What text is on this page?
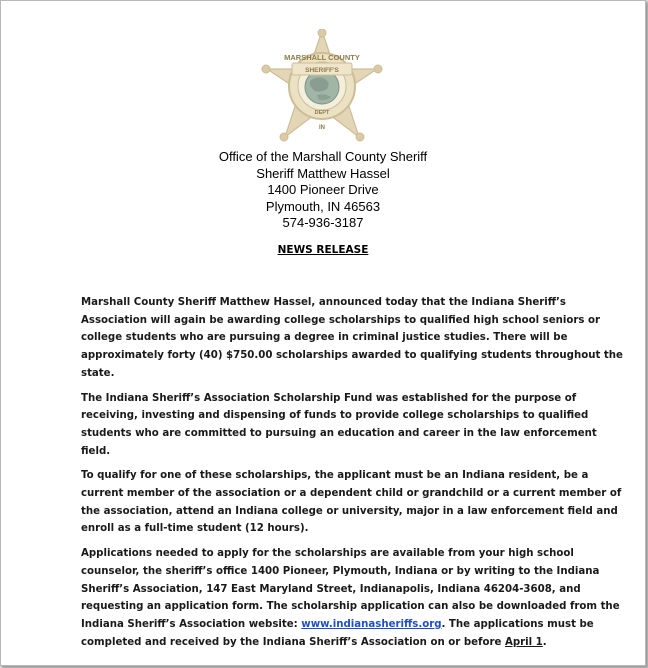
MARSHALL COUNTY
SHERIFF'S
DEPT
IN
Office of the Marshall County Sheriff
Sheriff Matthew Hassel
1400 Pioneer Drive
Plymouth, IN 46563
574-936-3187
NEWS RELEASE

Marshall County Sheriff Matthew Hassel, announced today that the Indiana Sheriff’s
Association will again be awarding college scholarships to qualified high school seniors or
college students who are pursuing a degree in criminal justice studies. There will be
approximately forty (40) $750.00 scholarships awarded to qualifying students throughout the
state.

The Indiana Sheriff’s Association Scholarship Fund was established for the purpose of
receiving, investing and dispensing of funds to provide college scholarships to qualified
students who are committed to pursuing an education and career in the law enforcement
field.

To qualify for one of these scholarships, the applicant must be an Indiana resident, be a
current member of the association or a dependent child or grandchild or a current member of
the association, attend an Indiana college or university, major in a law enforcement field and
enroll as a full-time student (12 hours).

Applications needed to apply for the scholarships are available from your high school
counselor, the sheriff’s office 1400 Pioneer, Plymouth, Indiana or by writing to the Indiana
Sheriff’s Association, 147 East Maryland Street, Indianapolis, Indiana 46204-3608, and
requesting an application form. The scholarship application can also be downloaded from the
Indiana Sheriff’s Association website: www.indianasheriffs.org. The applications must be
completed and received by the Indiana Sheriff’s Association on or before April 1.
